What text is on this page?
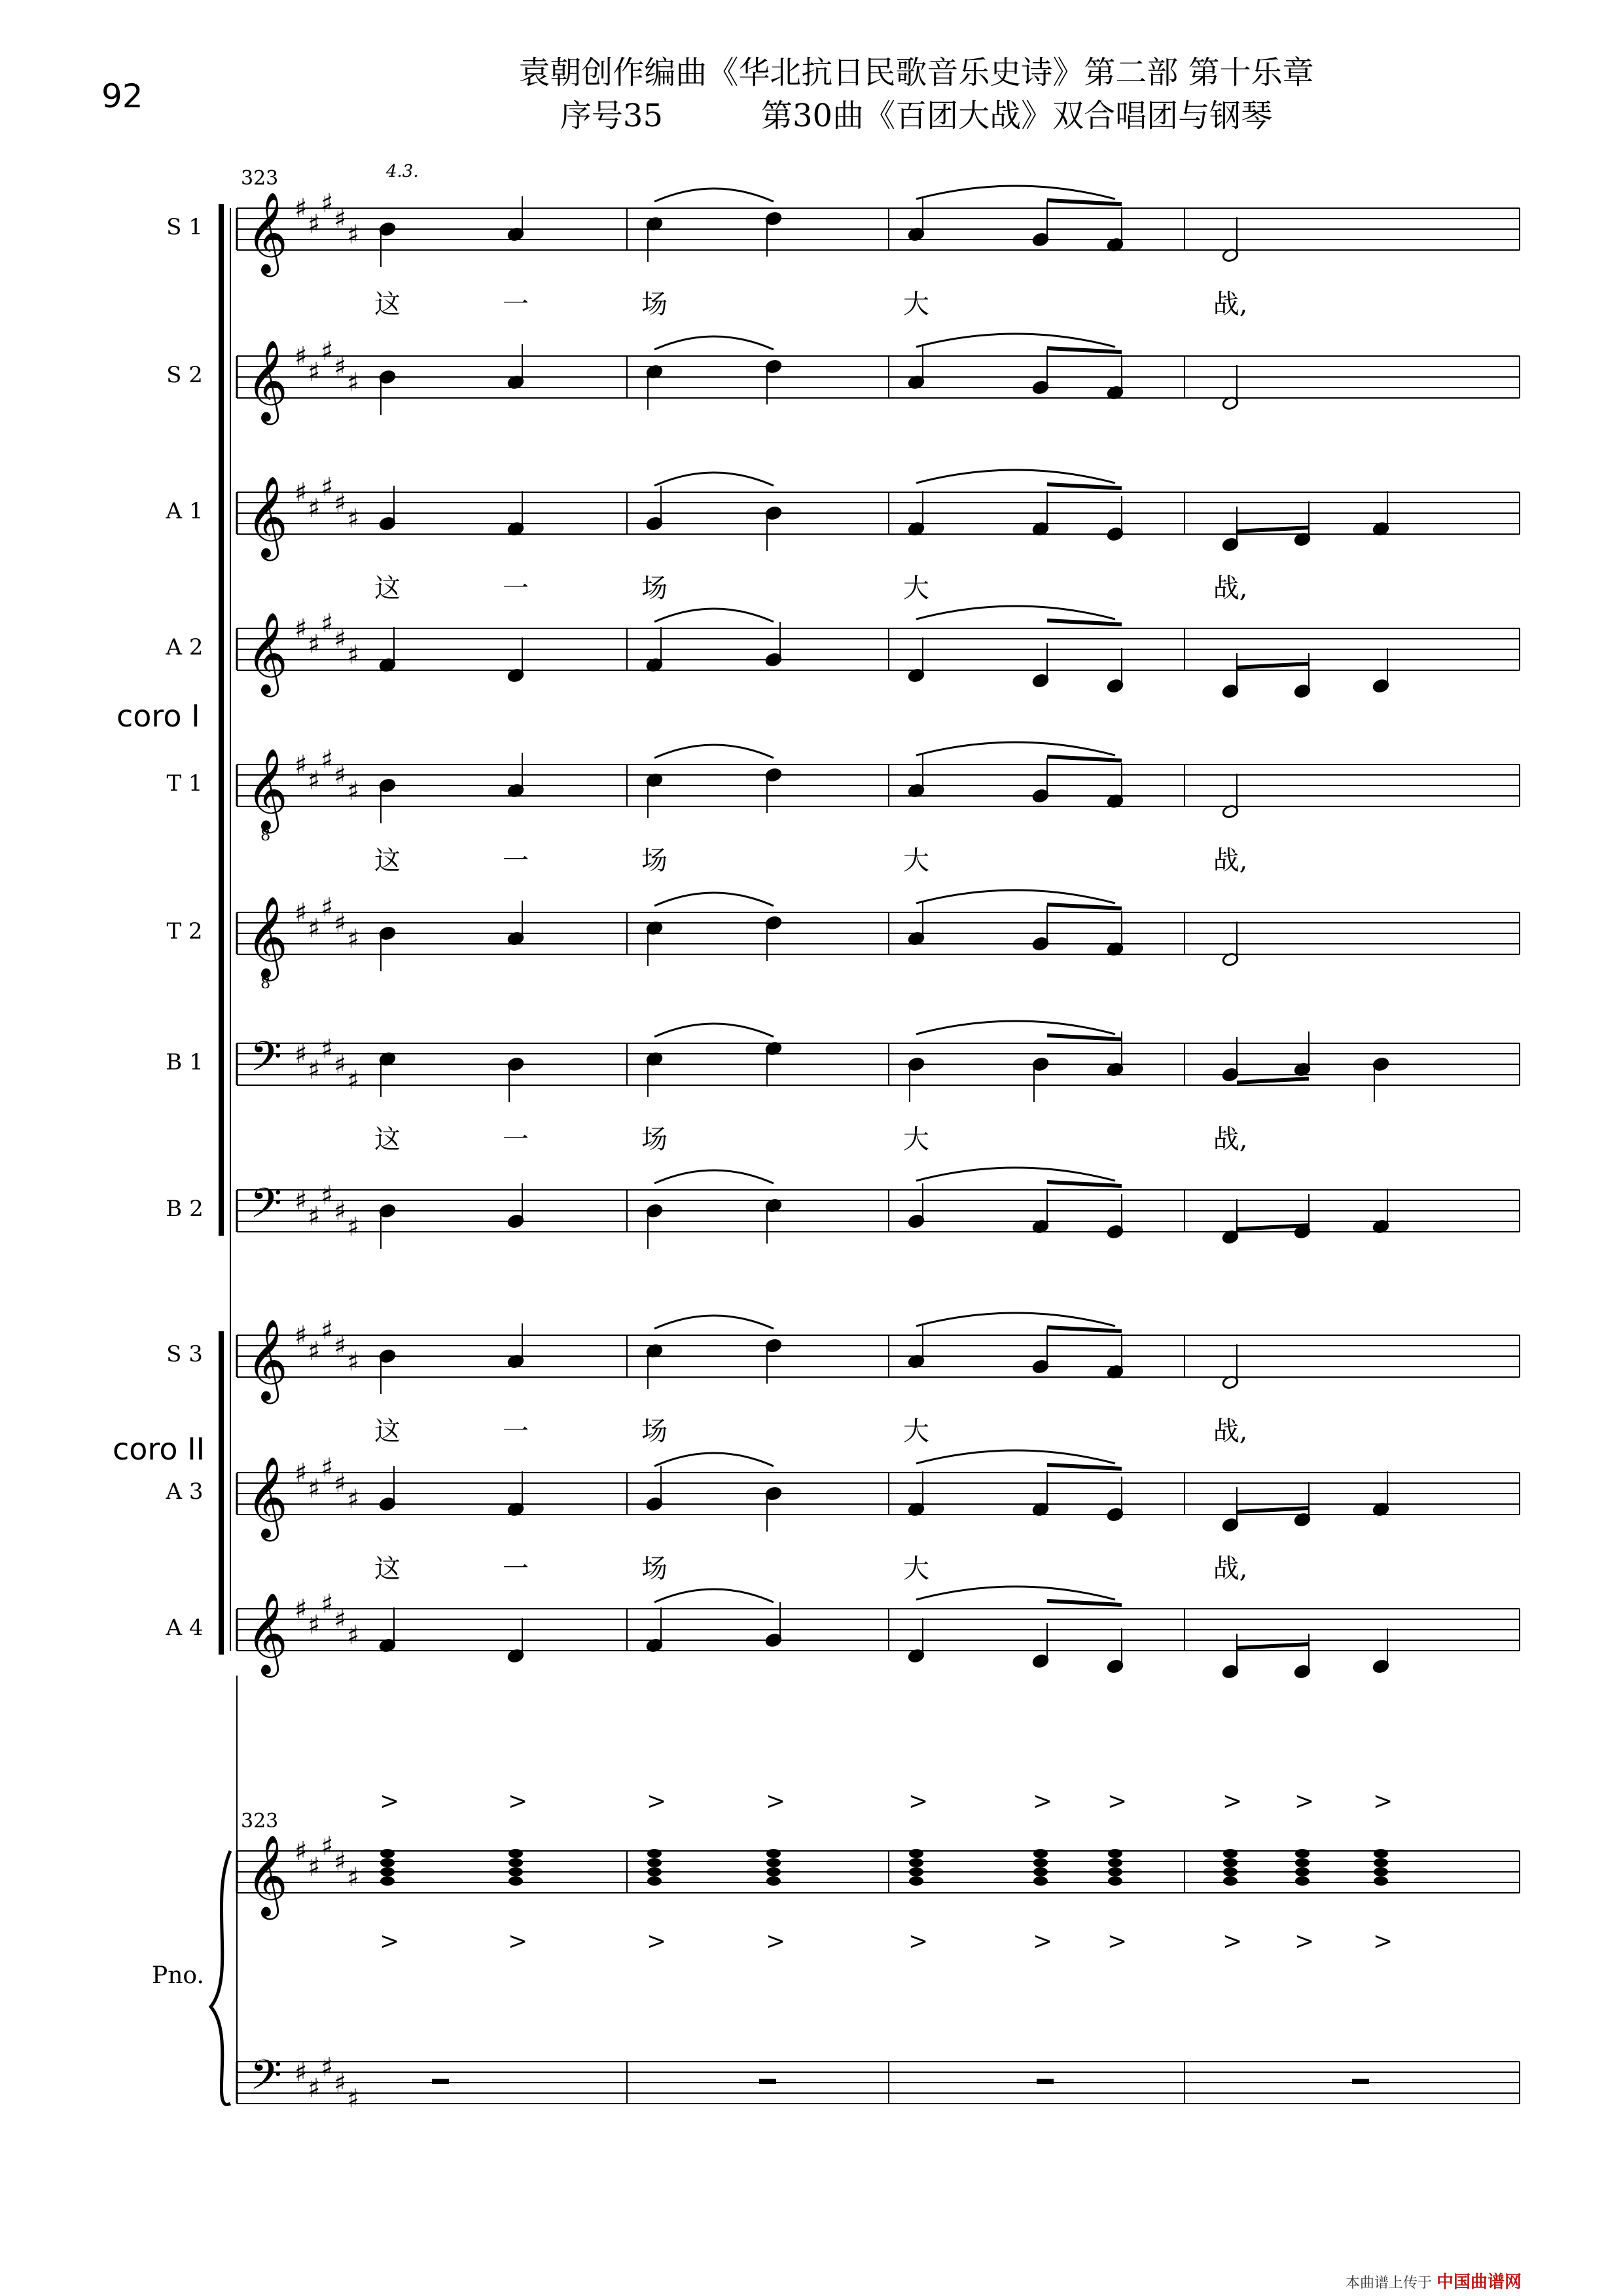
92
袁朝创作编曲《华北抗日民歌音乐史诗》第二部 第十乐章
序号35	第30曲《百团大战》双合唱团与钢琴
S 1 𝄞 ♯
♯
♯
♯
♯
这	一	场	大	战,
S 2 𝄞 ♯
♯
♯
♯
♯
A 1 𝄞 ♯
♯
♯
♯
♯
这	一	场	大	战,
A 2 𝄞 ♯
♯
♯
♯
♯
T 1 𝄞
8
♯
♯
♯
♯
♯
这	一	场	大	战,
T 2 𝄞
8
♯
♯
♯
♯
♯
B 1 𝄢 ♯
♯
♯
♯
♯
这	一	场	大	战,
B 2 𝄢 ♯
♯
♯
♯
♯
S 3 𝄞 ♯
♯
♯
♯
♯
这	一	场	大	战,
A 3 𝄞 ♯
♯
♯
♯
♯
这	一	场	大	战,
A 4 𝄞 ♯
♯
♯
♯
♯
323	4.3.
coro I
coro II
𝄞 ♯
♯
♯
♯
♯
𝄢 ♯
♯
♯
♯
♯
323
Pno.
>
>
>
>
>
>
>
>
>
>
>
>
>
>
>
>
>
>
>
>
本曲谱上传于 中国曲谱网
